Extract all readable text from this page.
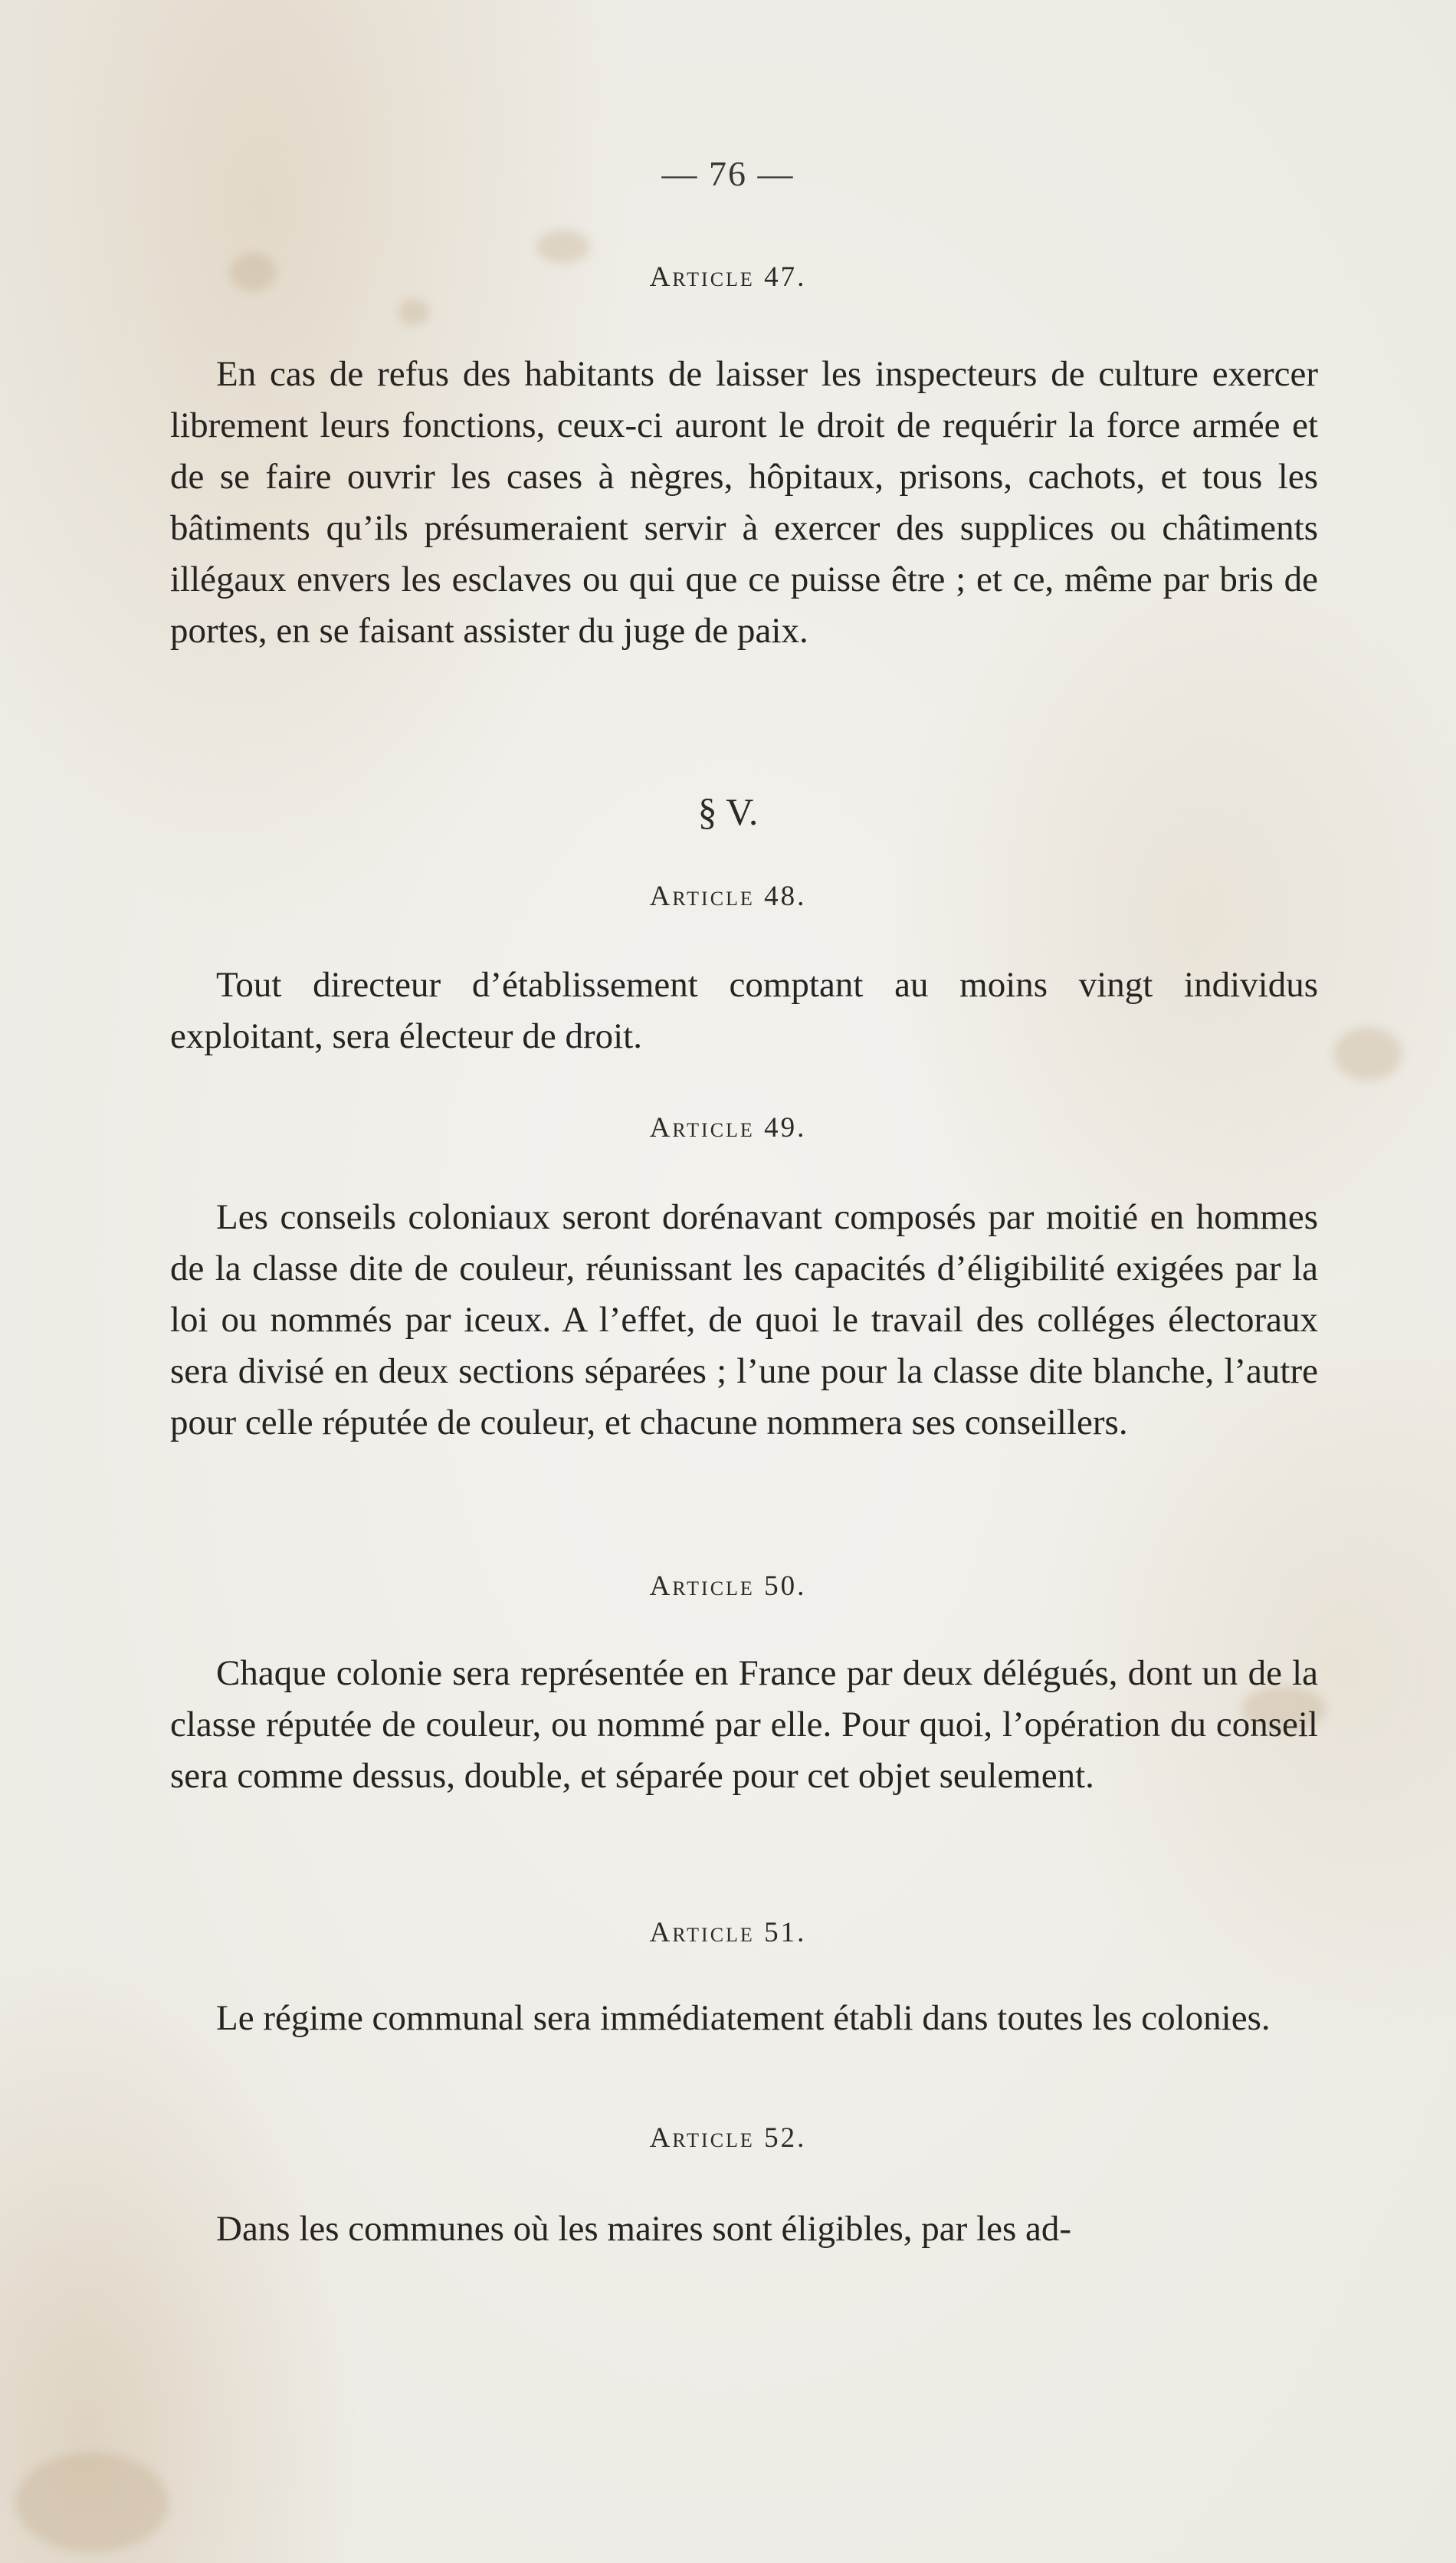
— 76 —
Article 47.
En cas de refus des habitants de laisser les inspecteurs de culture exercer librement leurs fonctions, ceux-ci auront le droit de requérir la force armée et de se faire ouvrir les cases à nègres, hôpitaux, prisons, cachots, et tous les bâtiments qu’ils présumeraient servir à exercer des supplices ou châtiments illégaux envers les esclaves ou qui que ce puisse être ; et ce, même par bris de portes, en se faisant assister du juge de paix.
§ V.
Article 48.
Tout directeur d’établissement comptant au moins vingt individus exploitant, sera électeur de droit.
Article 49.
Les conseils coloniaux seront dorénavant composés par moitié en hommes de la classe dite de couleur, réunissant les capacités d’éligibilité exigées par la loi ou nommés par iceux. A l’effet, de quoi le travail des colléges électoraux sera divisé en deux sections séparées ; l’une pour la classe dite blanche, l’autre pour celle réputée de couleur, et chacune nommera ses conseillers.
Article 50.
Chaque colonie sera représentée en France par deux délégués, dont un de la classe réputée de couleur, ou nommé par elle. Pour quoi, l’opération du conseil sera comme dessus, double, et séparée pour cet objet seulement.
Article 51.
Le régime communal sera immédiatement établi dans toutes les colonies.
Article 52.
Dans les communes où les maires sont éligibles, par les ad-
